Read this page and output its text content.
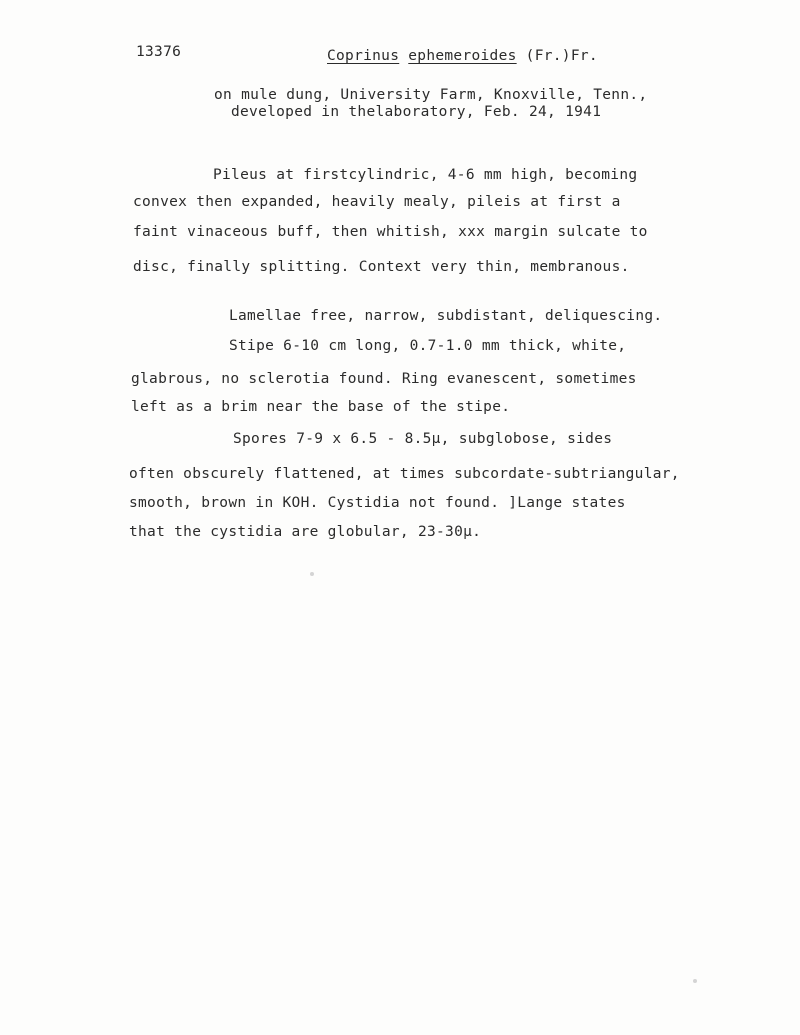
13376	Coprinus ephemeroides (Fr.)Fr.
on mule dung, University Farm, Knoxville, Tenn.,
developed in thelaboratory, Feb. 24, 1941
Pileus at firstcylindric, 4-6 mm high, becoming
convex then expanded, heavily mealy, pileis at first a
faint vinaceous buff, then whitish, xxx margin sulcate to
disc, finally splitting. Context very thin, membranous.
Lamellae free, narrow, subdistant, deliquescing.
Stipe 6-10 cm long, 0.7-1.0 mm thick, white,
glabrous, no sclerotia found. Ring evanescent, sometimes
left as a brim near the base of the stipe.
Spores 7-9 x 6.5 - 8.5μ, subglobose, sides
often obscurely flattened, at times subcordate-subtriangular,
smooth, brown in KOH. Cystidia not found. ]Lange states
that the cystidia are globular, 23-30μ.
